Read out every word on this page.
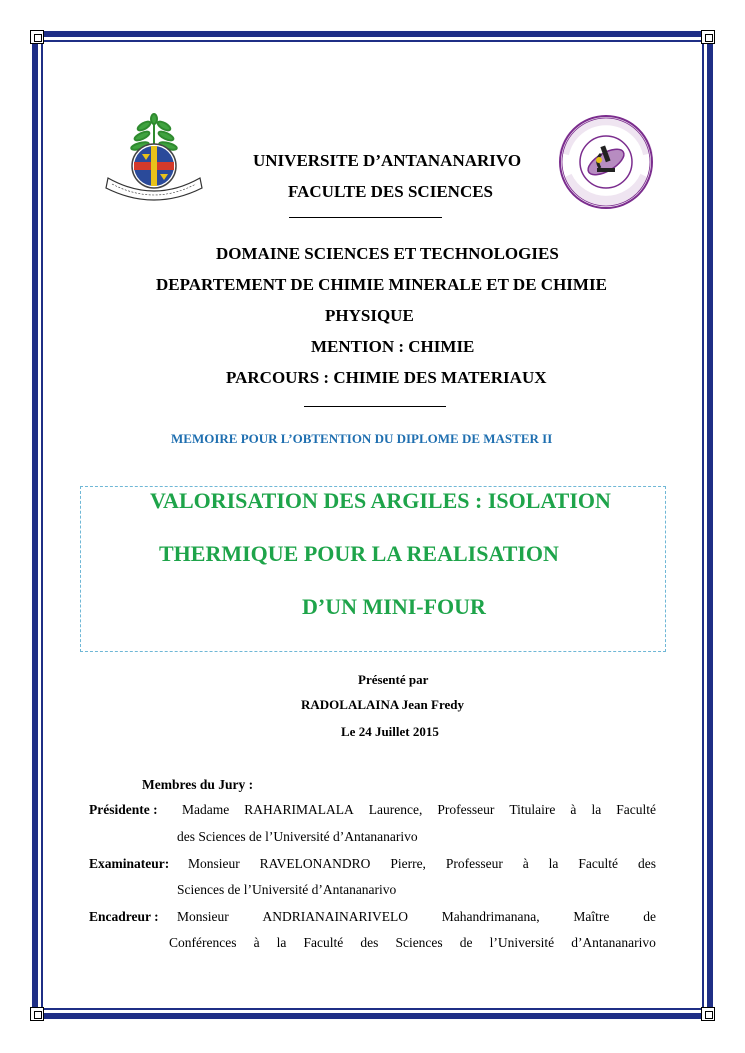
UNIVERSITE D’ANTANANARIVO
FACULTE DES SCIENCES
DOMAINE SCIENCES ET TECHNOLOGIES
DEPARTEMENT DE CHIMIE MINERALE ET DE CHIMIE
PHYSIQUE
MENTION : CHIMIE
PARCOURS : CHIMIE DES MATERIAUX
MEMOIRE POUR L’OBTENTION DU DIPLOME DE MASTER II
VALORISATION DES ARGILES : ISOLATION
THERMIQUE POUR LA REALISATION
D’UN MINI-FOUR
Présenté par
RADOLALAINA Jean Fredy
Le 24 Juillet 2015
Membres du Jury :
Présidente : Madame RAHARIMALALA Laurence, Professeur Titulaire à la Faculté
des Sciences de l’Université d’Antananarivo
Examinateur: Monsieur RAVELONANDRO Pierre, Professeur à la Faculté des
Sciences de l’Université d’Antananarivo
Encadreur : Monsieur	ANDRIANAINARIVELO	Mahandrimanana,	Maître	de
Conférences à la Faculté des Sciences de l’Université d’Antananarivo
